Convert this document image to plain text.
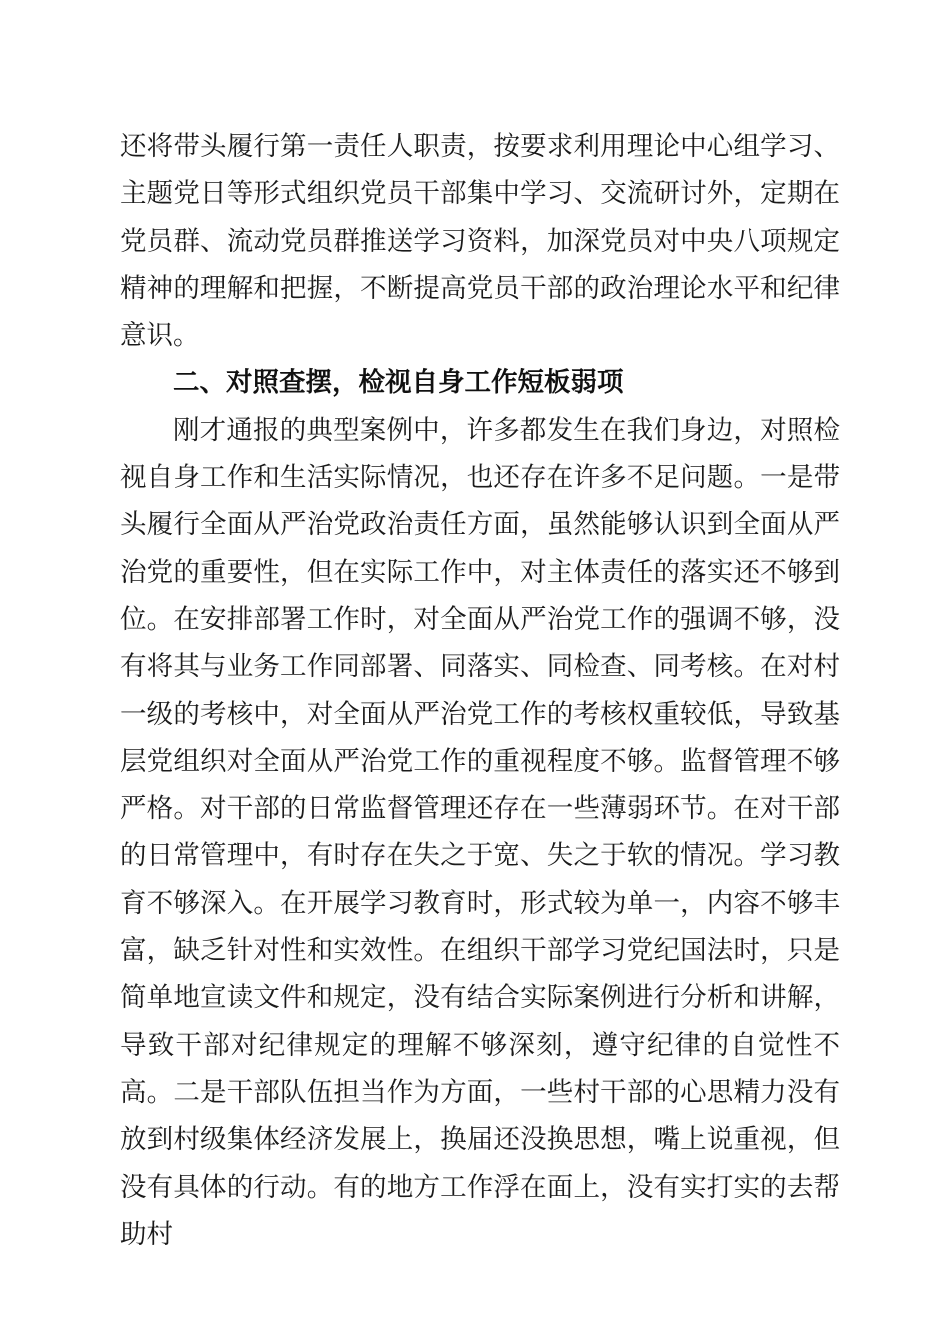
还将带头履行第一责任人职责，按要求利用理论中心组学习、主题党日等形式组织党员干部集中学习、交流研讨外，定期在党员群、流动党员群推送学习资料，加深党员对中央八项规定精神的理解和把握，不断提高党员干部的政治理论水平和纪律意识。

二、对照查摆，检视自身工作短板弱项

刚才通报的典型案例中，许多都发生在我们身边，对照检视自身工作和生活实际情况，也还存在许多不足问题。一是带头履行全面从严治党政治责任方面，虽然能够认识到全面从严治党的重要性，但在实际工作中，对主体责任的落实还不够到位。在安排部署工作时，对全面从严治党工作的强调不够，没有将其与业务工作同部署、同落实、同检查、同考核。在对村一级的考核中，对全面从严治党工作的考核权重较低，导致基层党组织对全面从严治党工作的重视程度不够。监督管理不够严格。对干部的日常监督管理还存在一些薄弱环节。在对干部的日常管理中，有时存在失之于宽、失之于软的情况。学习教育不够深入。在开展学习教育时，形式较为单一，内容不够丰富，缺乏针对性和实效性。在组织干部学习党纪国法时，只是简单地宣读文件和规定，没有结合实际案例进行分析和讲解，导致干部对纪律规定的理解不够深刻，遵守纪律的自觉性不高。二是干部队伍担当作为方面，一些村干部的心思精力没有放到村级集体经济发展上，换届还没换思想，嘴上说重视，但没有具体的行动。有的地方工作浮在面上，没有实打实的去帮助村
